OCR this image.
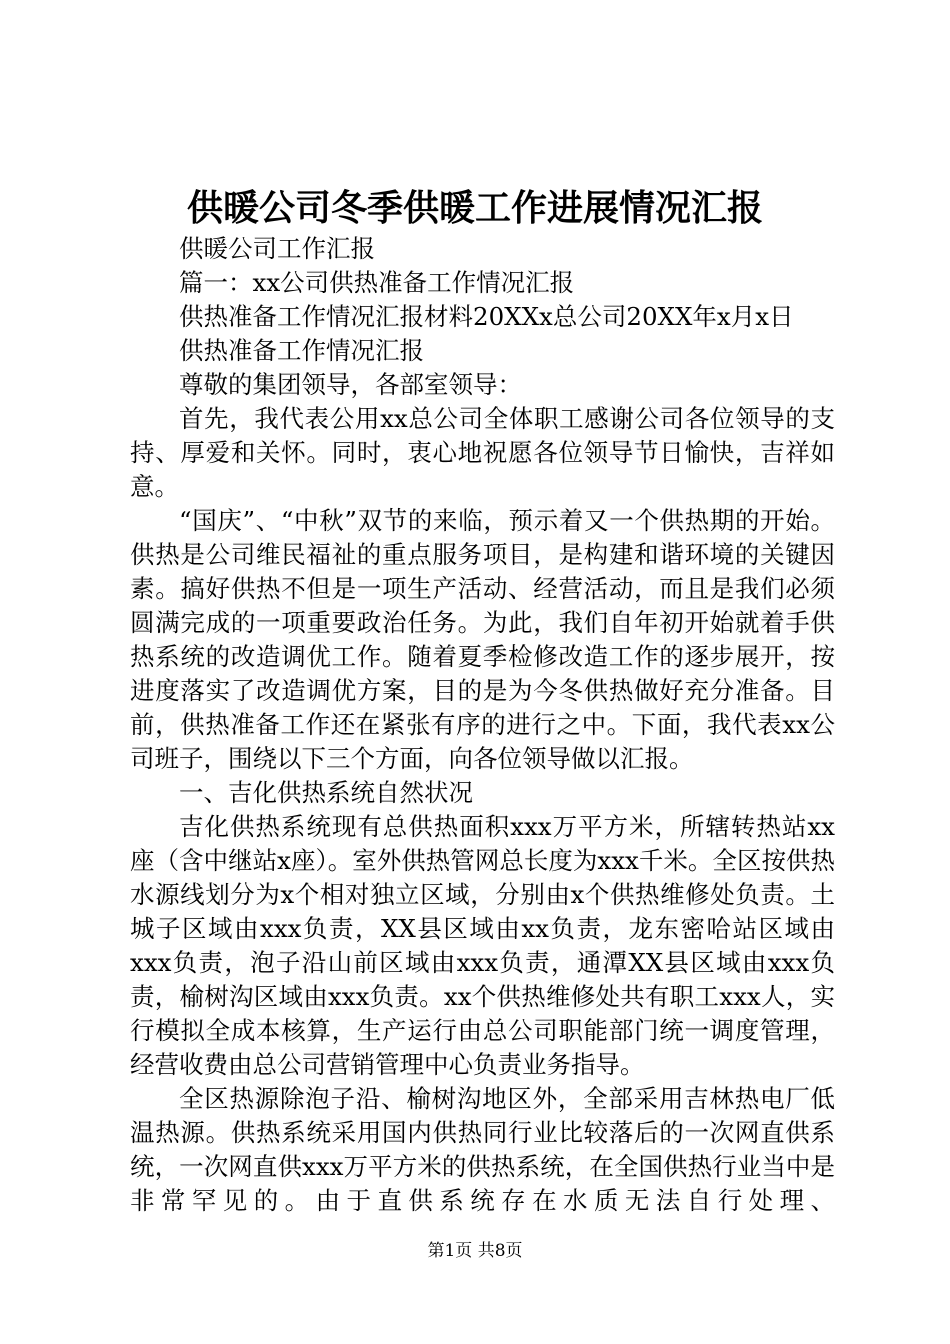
供暖公司冬季供暖工作进展情况汇报

供暖公司工作汇报

篇一：xx公司供热准备工作情况汇报

供热准备工作情况汇报材料20XXx总公司20XX年x月x日

供热准备工作情况汇报

尊敬的集团领导，各部室领导：

首先，我代表公用xx总公司全体职工感谢公司各位领导的支持、厚爱和关怀。同时，衷心地祝愿各位领导节日愉快，吉祥如意。

“国庆”、“中秋”双节的来临，预示着又一个供热期的开始。供热是公司维民福祉的重点服务项目，是构建和谐环境的关键因素。搞好供热不但是一项生产活动、经营活动，而且是我们必须圆满完成的一项重要政治任务。为此，我们自年初开始就着手供热系统的改造调优工作。随着夏季检修改造工作的逐步展开，按进度落实了改造调优方案，目的是为今冬供热做好充分准备。目前，供热准备工作还在紧张有序的进行之中。下面，我代表xx公司班子，围绕以下三个方面，向各位领导做以汇报。

一、吉化供热系统自然状况

吉化供热系统现有总供热面积xxx万平方米，所辖转热站xx座（含中继站x座）。室外供热管网总长度为xxx千米。全区按供热水源线划分为x个相对独立区域，分别由x个供热维修处负责。土城子区域由xxx负责，XX县区域由xx负责，龙东密哈站区域由xxx负责，泡子沿山前区域由xxx负责，通潭XX县区域由xxx负责，榆树沟区域由xxx负责。xx个供热维修处共有职工xxx人，实行模拟全成本核算，生产运行由总公司职能部门统一调度管理，经营收费由总公司营销管理中心负责业务指导。

全区热源除泡子沿、榆树沟地区外，全部采用吉林热电厂低温热源。供热系统采用国内供热同行业比较落后的一次网直供系统，一次网直供xxx万平方米的供热系统，在全国供热行业当中是非常罕见的。由于直供系统存在水质无法自行处理、

第1页 共8页
